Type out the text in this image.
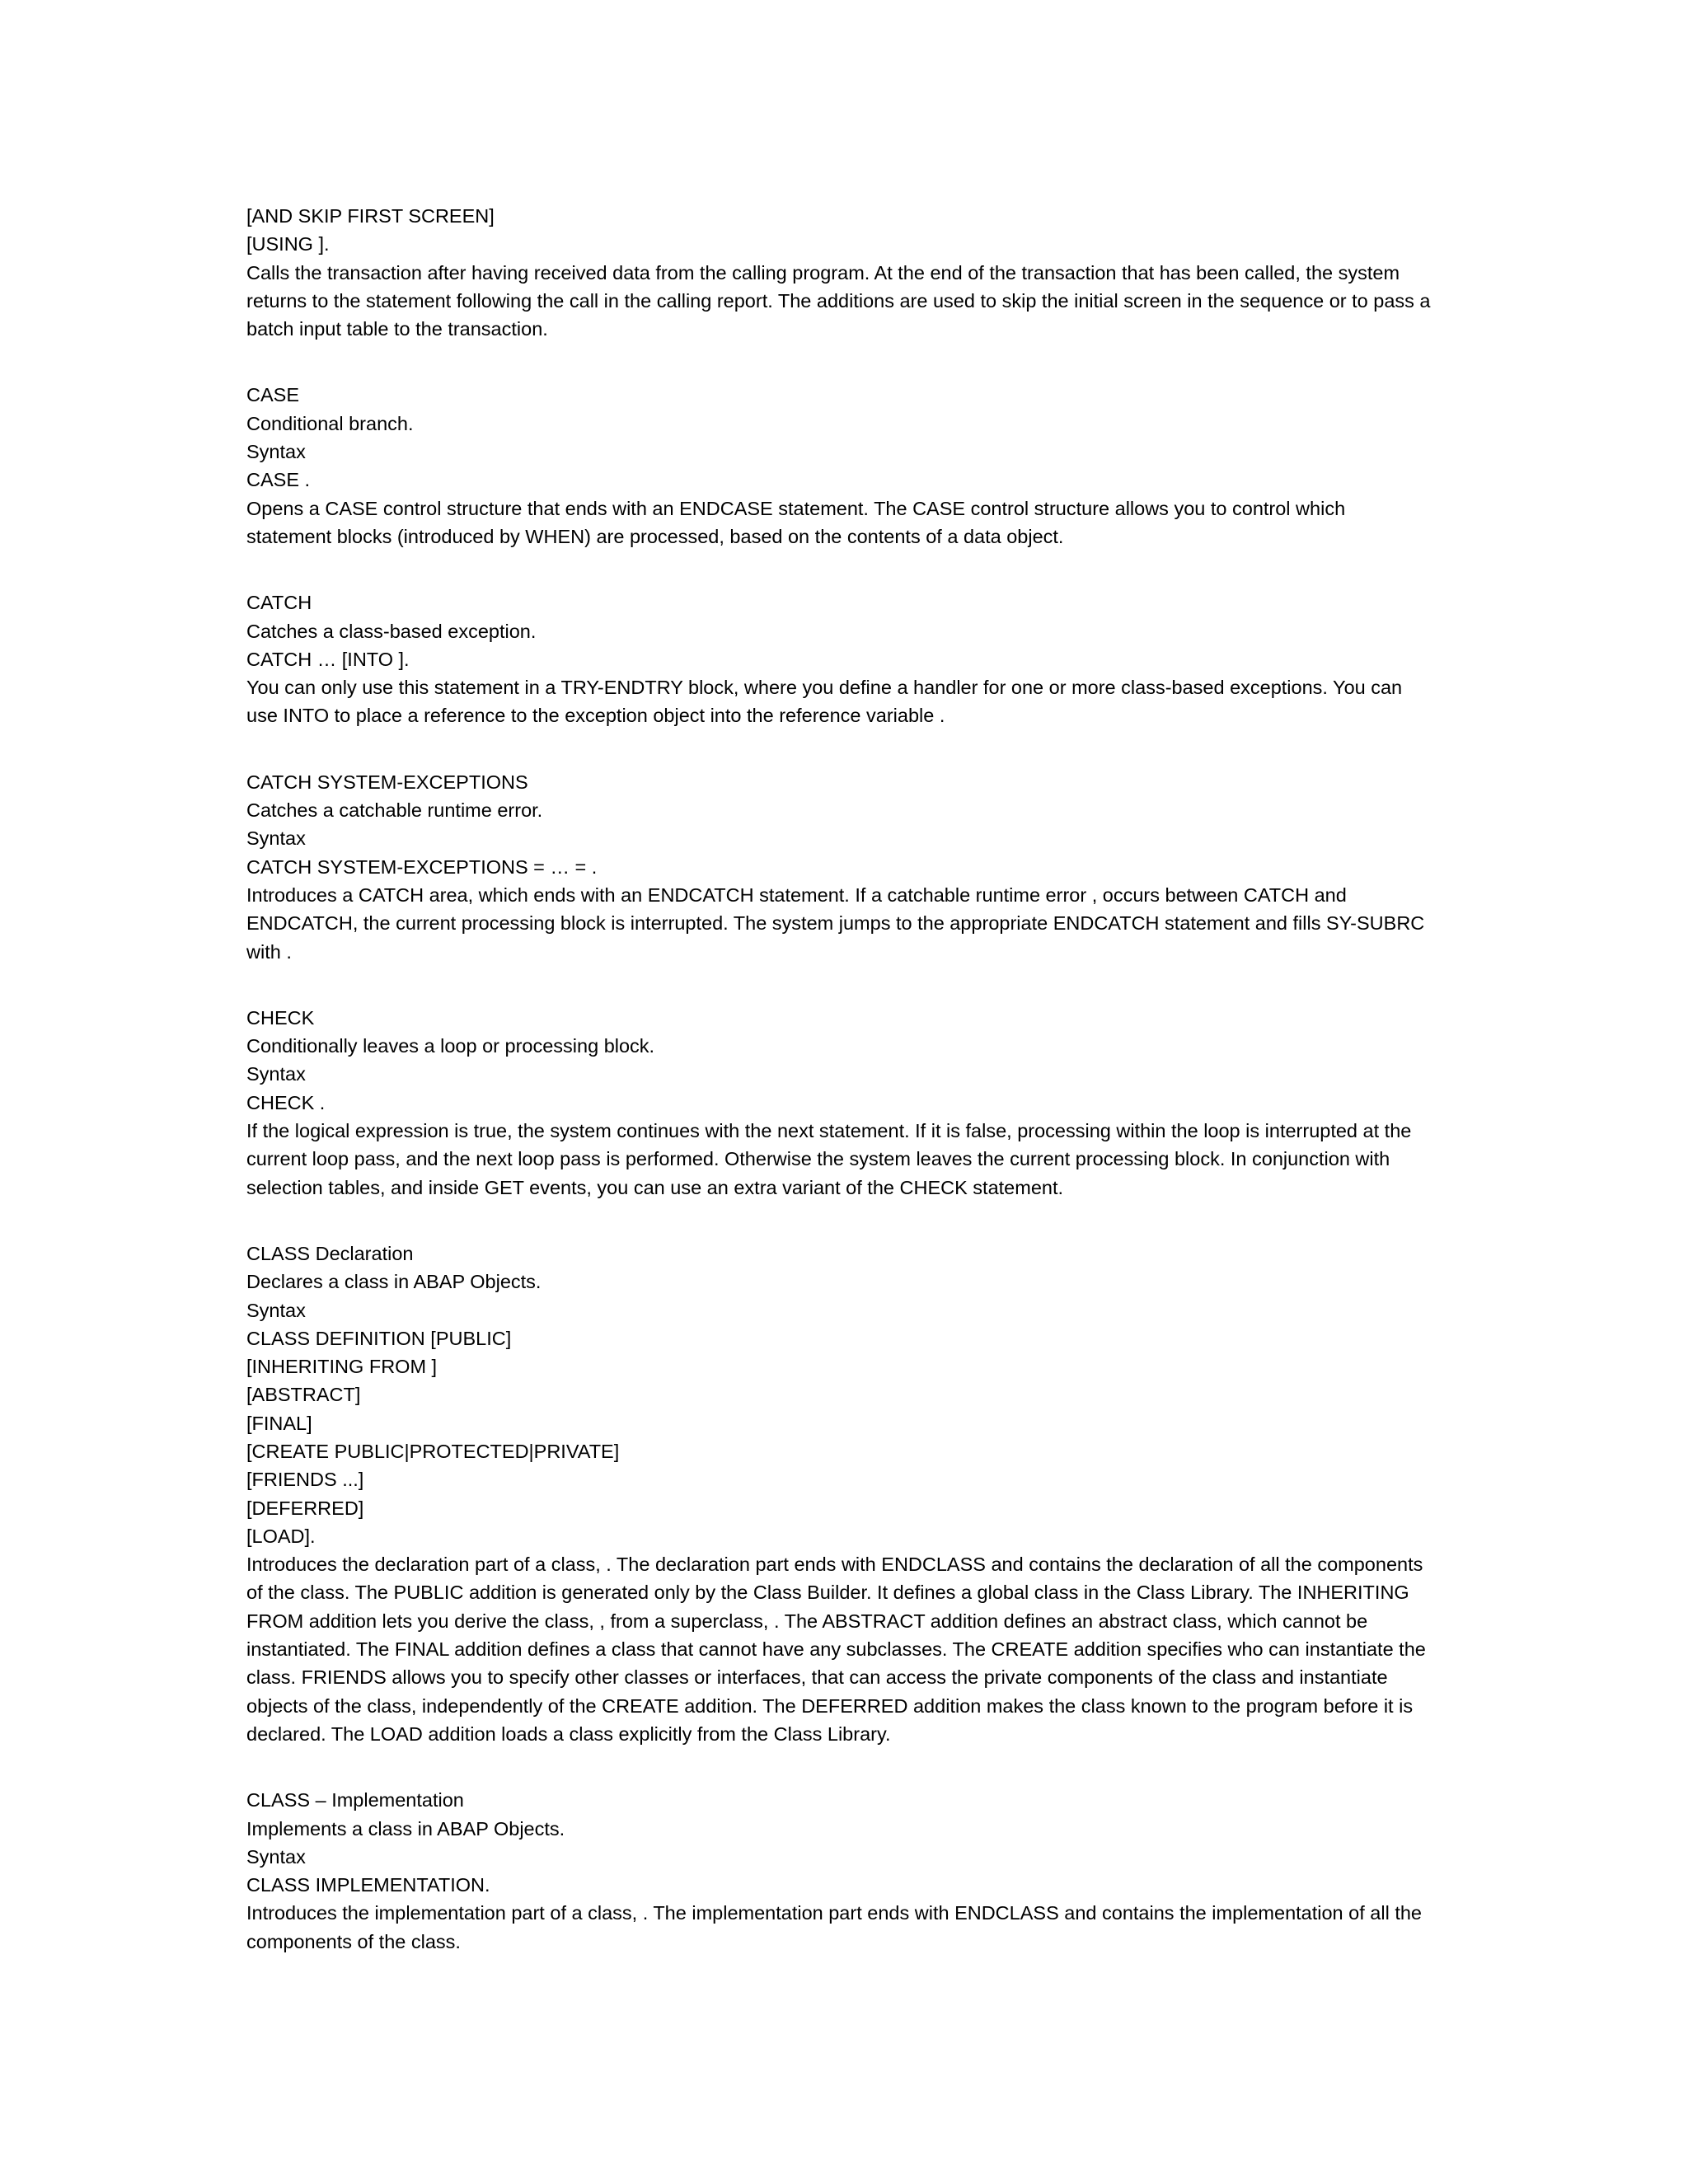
[AND SKIP FIRST SCREEN]
[USING ].
Calls the transaction after having received data from the calling program. At the end of the transaction that has been called, the system returns to the statement following the call in the calling report. The additions are used to skip the initial screen in the sequence or to pass a batch input table to the transaction.
CASE
Conditional branch.
Syntax
CASE .
Opens a CASE control structure that ends with an ENDCASE statement. The CASE control structure allows you to control which statement blocks (introduced by WHEN) are processed, based on the contents of a data object.
CATCH
Catches a class-based exception.
CATCH … [INTO ].
You can only use this statement in a TRY-ENDTRY block, where you define a handler for one or more class-based exceptions. You can use INTO to place a reference to the exception object into the reference variable .
CATCH SYSTEM-EXCEPTIONS
Catches a catchable runtime error.
Syntax
CATCH SYSTEM-EXCEPTIONS = … = .
Introduces a CATCH area, which ends with an ENDCATCH statement. If a catchable runtime error , occurs between CATCH and ENDCATCH, the current processing block is interrupted. The system jumps to the appropriate ENDCATCH statement and fills SY-SUBRC with .
CHECK
Conditionally leaves a loop or processing block.
Syntax
CHECK .
If the logical expression is true, the system continues with the next statement. If it is false, processing within the loop is interrupted at the current loop pass, and the next loop pass is performed. Otherwise the system leaves the current processing block. In conjunction with selection tables, and inside GET events, you can use an extra variant of the CHECK statement.
CLASS Declaration
Declares a class in ABAP Objects.
Syntax
CLASS DEFINITION [PUBLIC]
[INHERITING FROM ]
[ABSTRACT]
[FINAL]
[CREATE PUBLIC|PROTECTED|PRIVATE]
[FRIENDS ...]
[DEFERRED]
[LOAD].
Introduces the declaration part of a class, . The declaration part ends with ENDCLASS and contains the declaration of all the components of the class. The PUBLIC addition is generated only by the Class Builder. It defines a global class in the Class Library. The INHERITING FROM addition lets you derive the class, , from a superclass, . The ABSTRACT addition defines an abstract class, which cannot be instantiated. The FINAL addition defines a class that cannot have any subclasses. The CREATE addition specifies who can instantiate the class. FRIENDS allows you to specify other classes or interfaces, that can access the private components of the class and instantiate objects of the class, independently of the CREATE addition. The DEFERRED addition makes the class known to the program before it is declared. The LOAD addition loads a class explicitly from the Class Library.
CLASS – Implementation
Implements a class in ABAP Objects.
Syntax
CLASS IMPLEMENTATION.
Introduces the implementation part of a class, . The implementation part ends with ENDCLASS and contains the implementation of all the components of the class.
